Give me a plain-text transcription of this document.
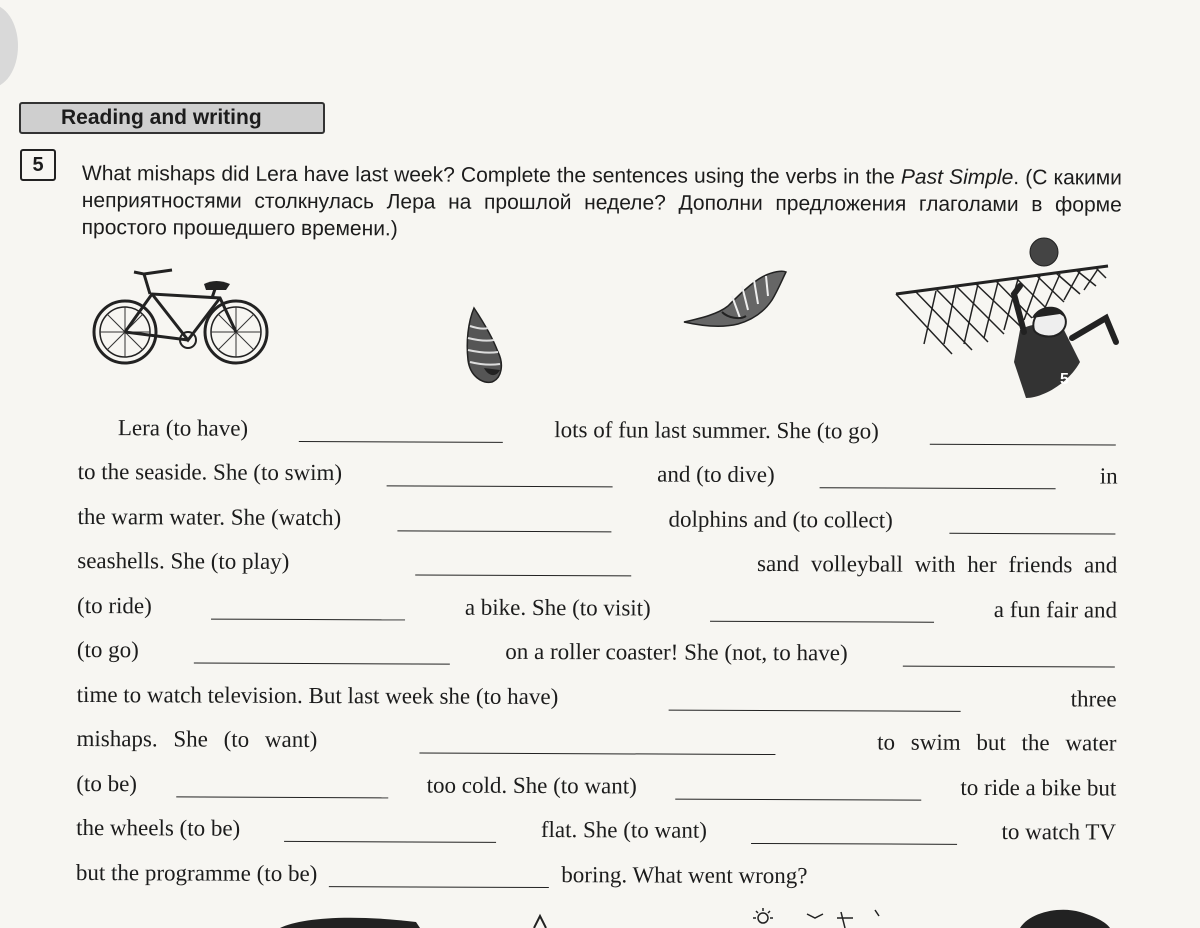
Reading and writing
5 What mishaps did Lera have last week? Complete the sentences using the verbs in the Past Simple. (С какими неприятностями столкнулась Лера на прошлой неделе? Дополни предложения глаголами в форме простого прошедшего времени.)
5
Lera (to have)	lots of fun last summer. She (to go)
to the seaside. She (to swim)	and (to dive)	in
the warm water. She (watch)	dolphins and (to collect)
seashells. She (to play)	sand volleyball with her friends and
(to ride)	a bike. She (to visit)	a fun fair and
(to go)	on a roller coaster! She (not, to have)
time to watch television. But last week she (to have)	three
mishaps. She (to want)	to swim but the water
(to be)	too cold. She (to want)	to ride a bike but
the wheels (to be)	flat. She (to want)	to watch TV
but the programme (to be)	boring. What went wrong?
